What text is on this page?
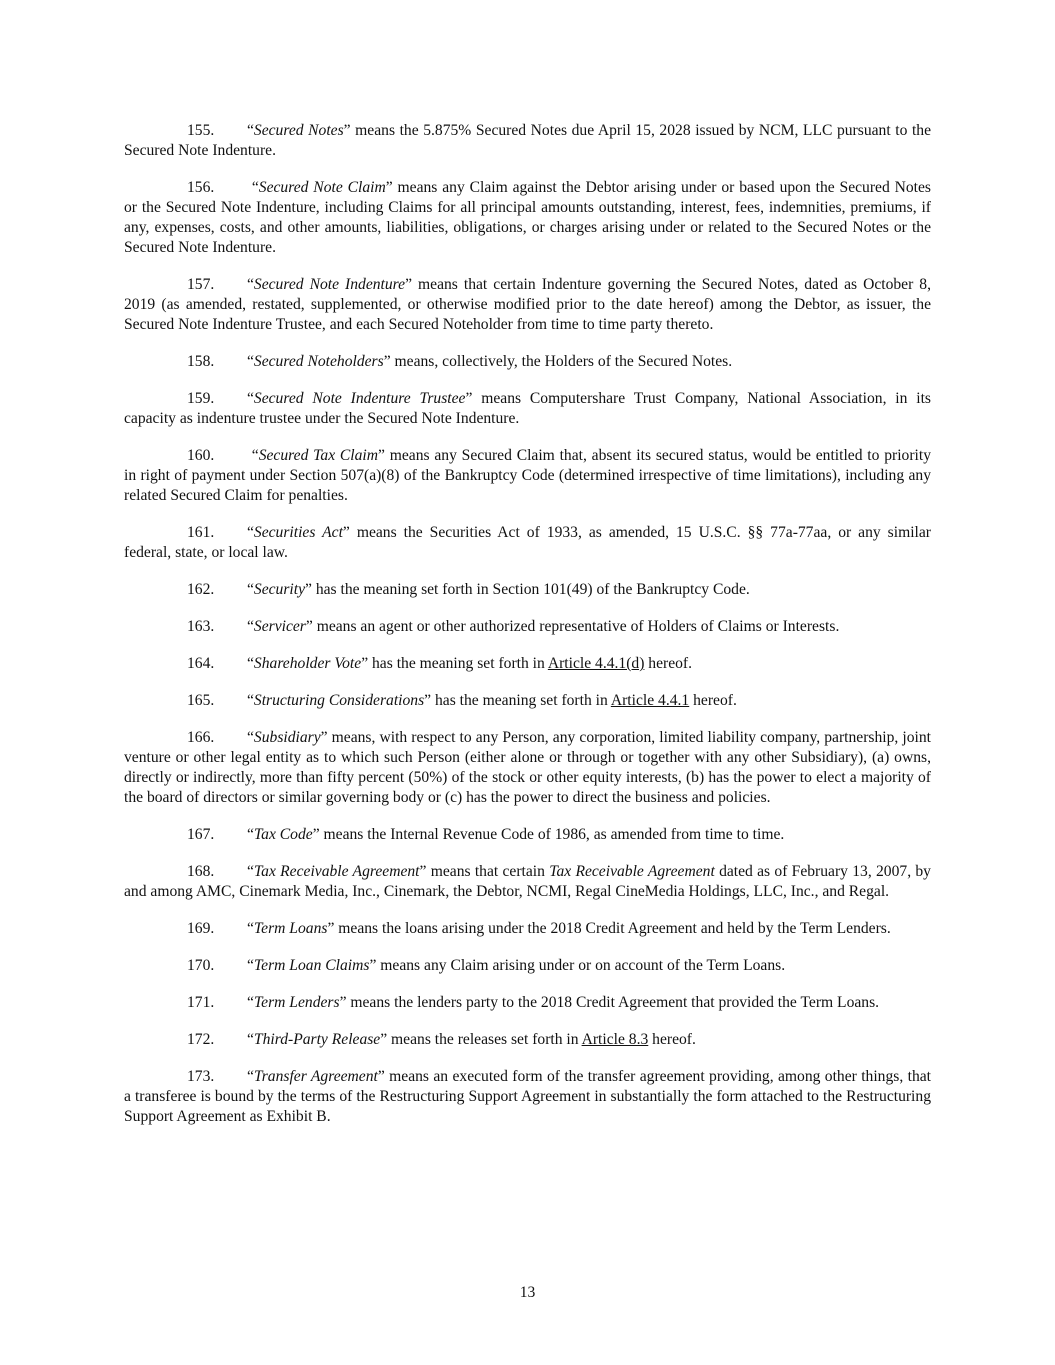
155. “Secured Notes” means the 5.875% Secured Notes due April 15, 2028 issued by NCM, LLC pursuant to the Secured Note Indenture.

156. “Secured Note Claim” means any Claim against the Debtor arising under or based upon the Secured Notes or the Secured Note Indenture, including Claims for all principal amounts outstanding, interest, fees, indemnities, premiums, if any, expenses, costs, and other amounts, liabilities, obligations, or charges arising under or related to the Secured Notes or the Secured Note Indenture.

157. “Secured Note Indenture” means that certain Indenture governing the Secured Notes, dated as October 8, 2019 (as amended, restated, supplemented, or otherwise modified prior to the date hereof) among the Debtor, as issuer, the Secured Note Indenture Trustee, and each Secured Noteholder from time to time party thereto.

158. “Secured Noteholders” means, collectively, the Holders of the Secured Notes.

159. “Secured Note Indenture Trustee” means Computershare Trust Company, National Association, in its capacity as indenture trustee under the Secured Note Indenture.

160. “Secured Tax Claim” means any Secured Claim that, absent its secured status, would be entitled to priority in right of payment under Section 507(a)(8) of the Bankruptcy Code (determined irrespective of time limitations), including any related Secured Claim for penalties.

161. “Securities Act” means the Securities Act of 1933, as amended, 15 U.S.C. §§ 77a-77aa, or any similar federal, state, or local law.

162. “Security” has the meaning set forth in Section 101(49) of the Bankruptcy Code.

163. “Servicer” means an agent or other authorized representative of Holders of Claims or Interests.

164. “Shareholder Vote” has the meaning set forth in Article 4.4.1(d) hereof.

165. “Structuring Considerations” has the meaning set forth in Article 4.4.1 hereof.

166. “Subsidiary” means, with respect to any Person, any corporation, limited liability company, partnership, joint venture or other legal entity as to which such Person (either alone or through or together with any other Subsidiary), (a) owns, directly or indirectly, more than fifty percent (50%) of the stock or other equity interests, (b) has the power to elect a majority of the board of directors or similar governing body or (c) has the power to direct the business and policies.

167. “Tax Code” means the Internal Revenue Code of 1986, as amended from time to time.

168. “Tax Receivable Agreement” means that certain Tax Receivable Agreement dated as of February 13, 2007, by and among AMC, Cinemark Media, Inc., Cinemark, the Debtor, NCMI, Regal CineMedia Holdings, LLC, Inc., and Regal.

169. “Term Loans” means the loans arising under the 2018 Credit Agreement and held by the Term Lenders.

170. “Term Loan Claims” means any Claim arising under or on account of the Term Loans.

171. “Term Lenders” means the lenders party to the 2018 Credit Agreement that provided the Term Loans.

172. “Third-Party Release” means the releases set forth in Article 8.3 hereof.

173. “Transfer Agreement” means an executed form of the transfer agreement providing, among other things, that a transferee is bound by the terms of the Restructuring Support Agreement in substantially the form attached to the Restructuring Support Agreement as Exhibit B.

13
